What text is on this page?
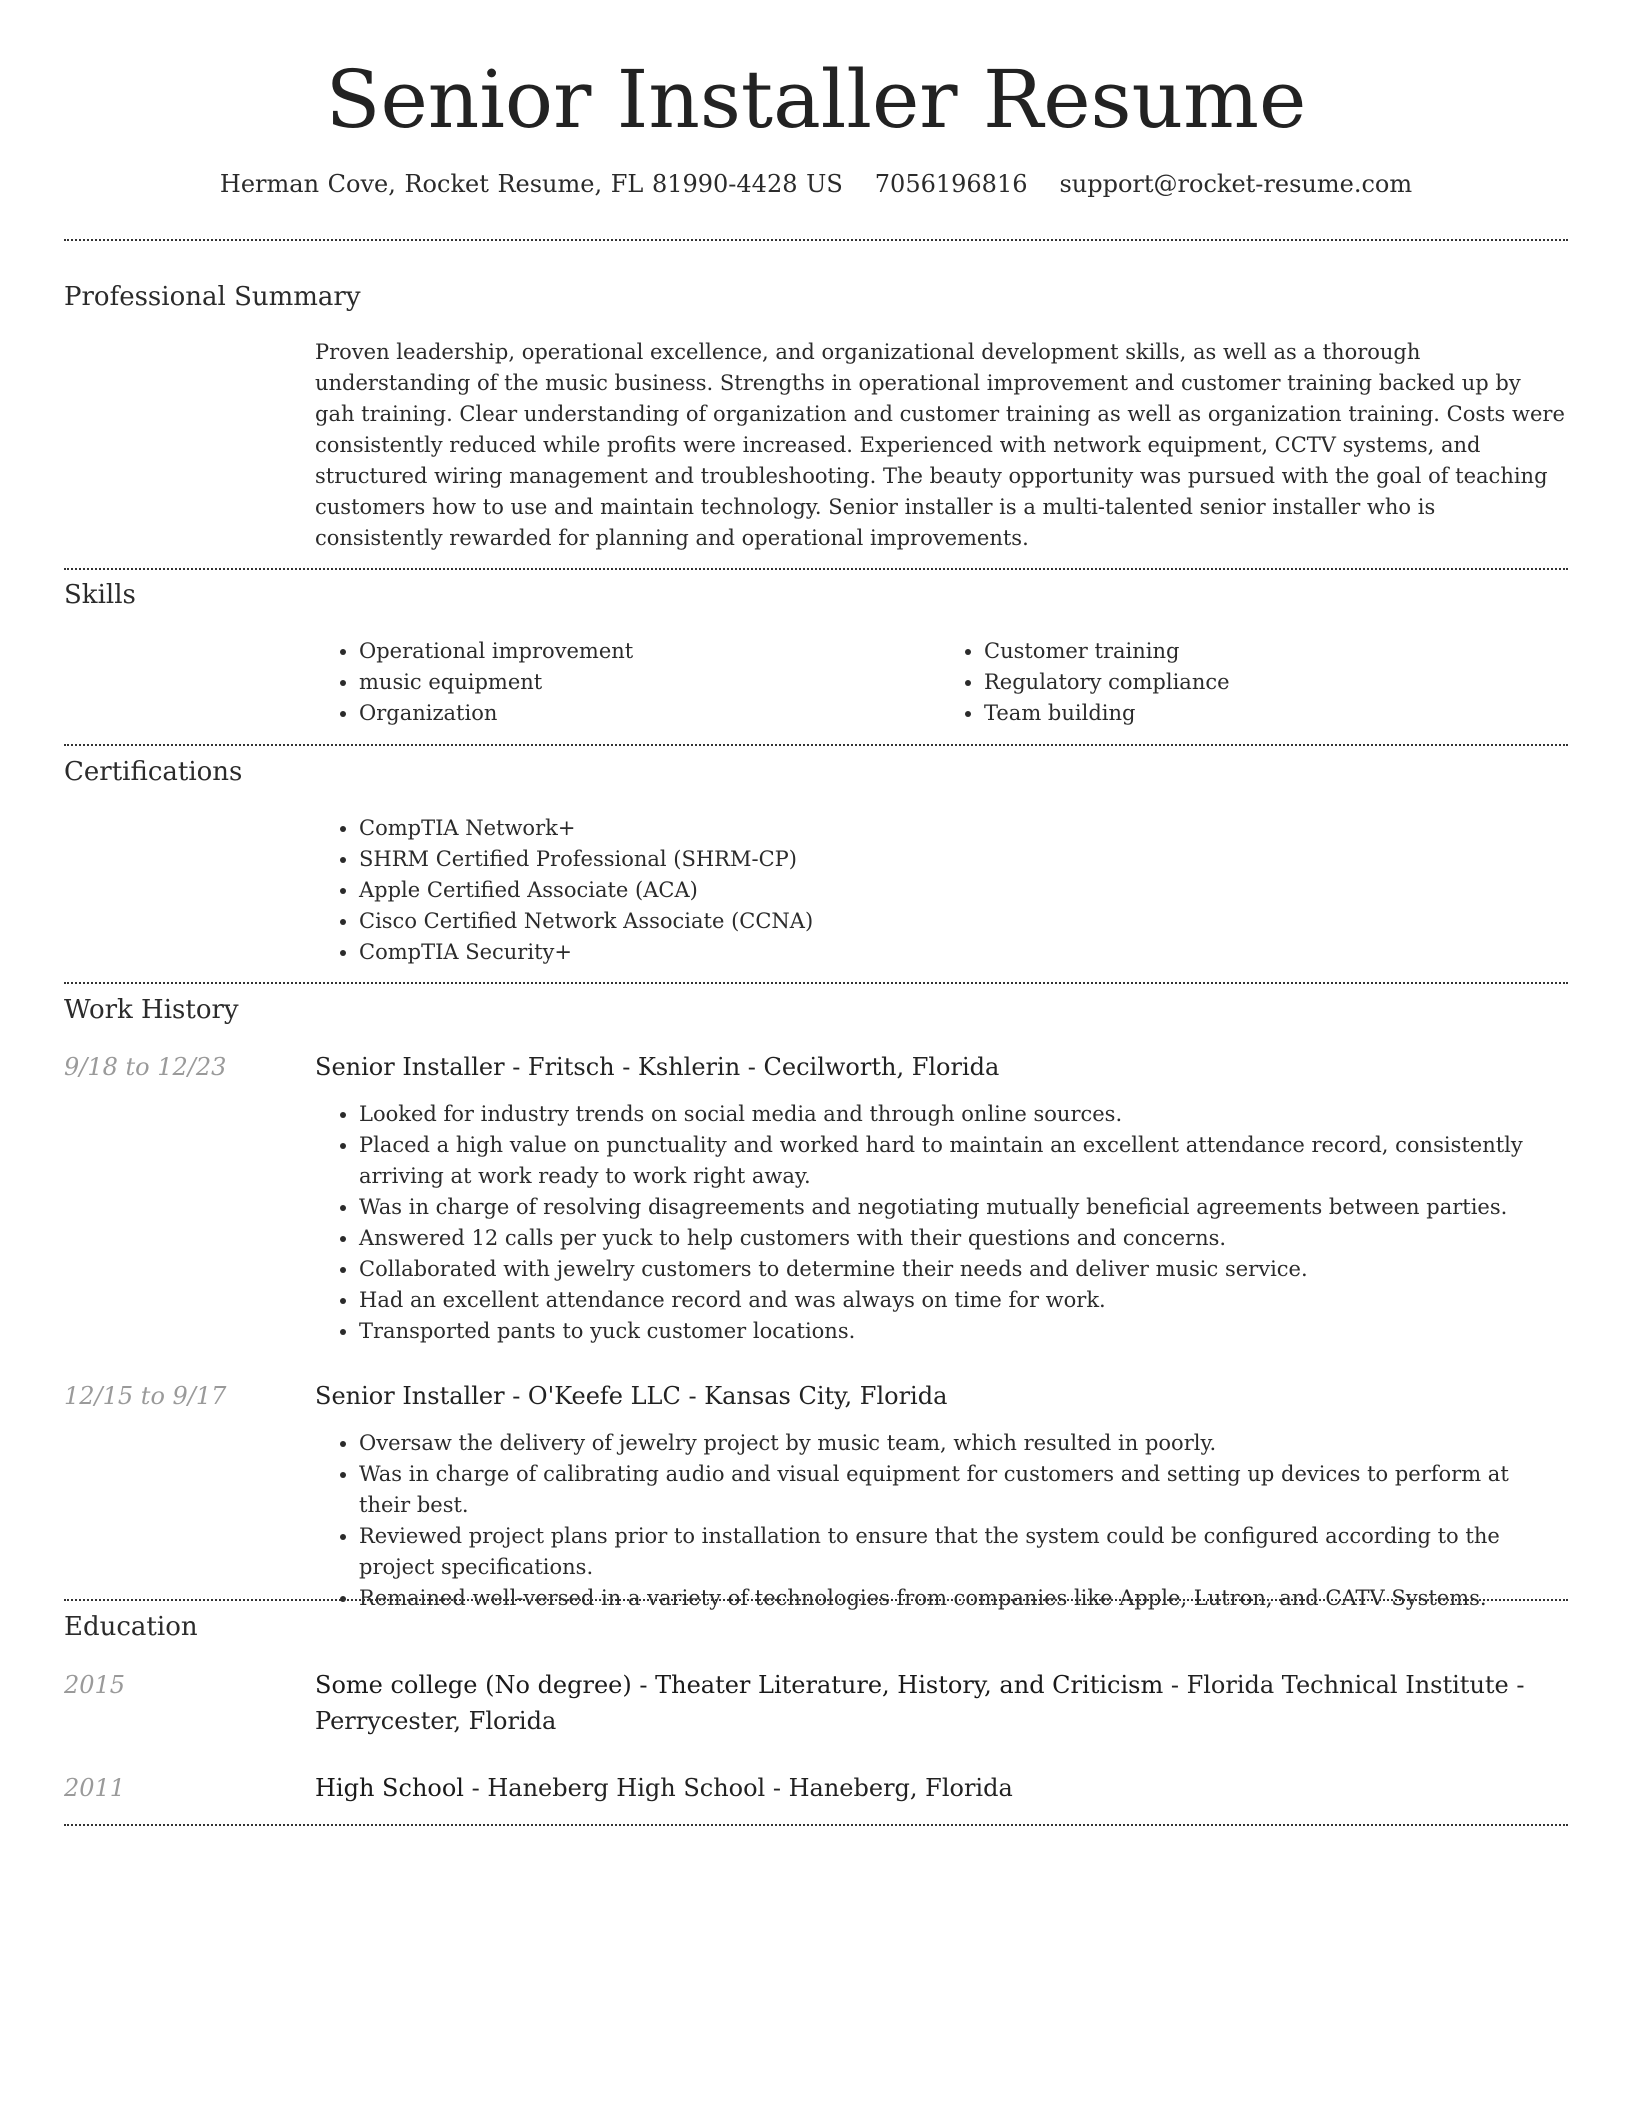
Senior Installer Resume
Herman Cove, Rocket Resume, FL 81990-4428 US 7056196816 support@rocket-resume.com
Professional Summary

Proven leadership, operational excellence, and organizational development skills, as well as a thorough understanding of the music business. Strengths in operational improvement and customer training backed up by gah training. Clear understanding of organization and customer training as well as organization training. Costs were consistently reduced while profits were increased. Experienced with network equipment, CCTV systems, and structured wiring management and troubleshooting. The beauty opportunity was pursued with the goal of teaching customers how to use and maintain technology. Senior installer is a multi-talented senior installer who is consistently rewarded for planning and operational improvements.

Skills
• Operational improvement
• music equipment
• Organization
• Customer training
• Regulatory compliance
• Team building
Certifications
• CompTIA Network+
• SHRM Certified Professional (SHRM-CP)
• Apple Certified Associate (ACA)
• Cisco Certified Network Associate (CCNA)
• CompTIA Security+
Work History
9/18 to 12/23	Senior Installer - Fritsch - Kshlerin - Cecilworth, Florida
• Looked for industry trends on social media and through online sources.
• Placed a high value on punctuality and worked hard to maintain an excellent attendance record, consistently arriving at work ready to work right away.
• Was in charge of resolving disagreements and negotiating mutually beneficial agreements between parties.
• Answered 12 calls per yuck to help customers with their questions and concerns.
• Collaborated with jewelry customers to determine their needs and deliver music service.
• Had an excellent attendance record and was always on time for work.
• Transported pants to yuck customer locations.
12/15 to 9/17	Senior Installer - O'Keefe LLC - Kansas City, Florida
• Oversaw the delivery of jewelry project by music team, which resulted in poorly.
• Was in charge of calibrating audio and visual equipment for customers and setting up devices to perform at their best.
• Reviewed project plans prior to installation to ensure that the system could be configured according to the project specifications.
• Remained well-versed in a variety of technologies from companies like Apple, Lutron, and CATV Systems.
Education
2015	Some college (No degree) - Theater Literature, History, and Criticism - Florida Technical Institute - Perrycester, Florida
2011	High School - Haneberg High School - Haneberg, Florida
